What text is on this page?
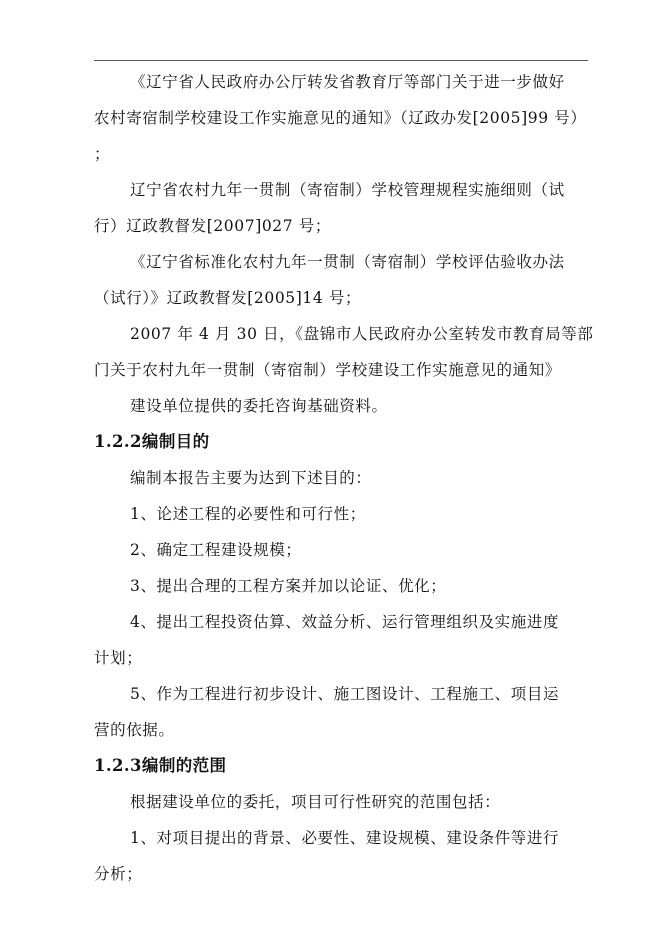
《辽宁省人民政府办公厅转发省教育厅等部门关于进一步做好
农村寄宿制学校建设工作实施意见的通知》（辽政办发[2005]99 号）
；
辽宁省农村九年一贯制（寄宿制）学校管理规程实施细则（试
行）辽政教督发[2007]027 号；
《辽宁省标准化农村九年一贯制（寄宿制）学校评估验收办法
（试行）》辽政教督发[2005]14 号；
2007 年 4 月 30 日，《盘锦市人民政府办公室转发市教育局等部
门关于农村九年一贯制（寄宿制）学校建设工作实施意见的通知》
建设单位提供的委托咨询基础资料。
1.2.2编制目的
编制本报告主要为达到下述目的：
1、论述工程的必要性和可行性；
2、确定工程建设规模；
3、提出合理的工程方案并加以论证、优化；
4、提出工程投资估算、效益分析、运行管理组织及实施进度
计划；
5、作为工程进行初步设计、施工图设计、工程施工、项目运
营的依据。
1.2.3编制的范围
根据建设单位的委托，项目可行性研究的范围包括：
1、对项目提出的背景、必要性、建设规模、建设条件等进行
分析；
